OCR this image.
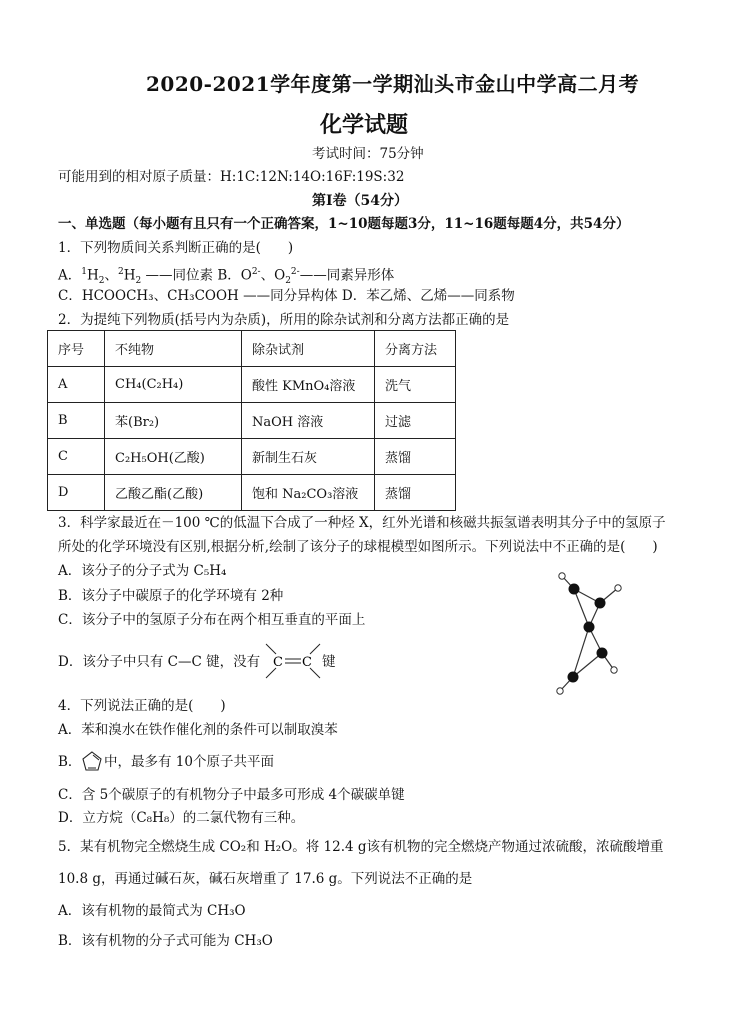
2020-2021学年度第一学期汕头市金山中学高二月考
化学试题
考试时间：75分钟
可能用到的相对原子质量：H:1C:12N:14O:16F:19S:32
第Ⅰ卷（54分）
一、单选题（每小题有且只有一个正确答案，1~10题每题3分，11~16题每题4分，共54分）
1．下列物质间关系判断正确的是(　　)
A．$^1H_2$、$^2H_2$ ——同位素 B．$O^{2-}$、$O_2^{2-}——$同素异形体
C．HCOOCH₃、CH₃COOH ——同分异构体 D．苯乙烯、乙烯——同系物
2．为提纯下列物质(括号内为杂质)，所用的除杂试剂和分离方法都正确的是
序号	不纯物	除杂试剂	分离方法
A	CH₄(C₂H₄)	酸性 KMnO₄溶液	洗气
B	苯(Br₂)	NaOH 溶液	过滤
C	C₂H₅OH(乙酸)	新制生石灰	蒸馏
D	乙酸乙酯(乙酸)	饱和 Na₂CO₃溶液	蒸馏
3．科学家最近在－100 ℃的低温下合成了一种烃 X，红外光谱和核磁共振氢谱表明其分子中的氢原子
所处的化学环境没有区别,根据分析,绘制了该分子的球棍模型如图所示。下列说法中不正确的是(　　)
A．该分子的分子式为 C₅H₄
B．该分子中碳原子的化学环境有 2种
C．该分子中的氢原子分布在两个相互垂直的平面上
D．该分子中只有 C—C 键，没有 C C 键
4．下列说法正确的是(　　)
A．苯和溴水在铁作催化剂的条件可以制取溴苯
B． 中，最多有 10个原子共平面
C．含 5个碳原子的有机物分子中最多可形成 4个碳碳单键
D．立方烷（C₈H₈）的二氯代物有三种。
5．某有机物完全燃烧生成 CO₂和 H₂O。将 12.4 g该有机物的完全燃烧产物通过浓硫酸，浓硫酸增重
10.8 g，再通过碱石灰，碱石灰增重了 17.6 g。下列说法不正确的是
A．该有机物的最简式为 CH₃O
B．该有机物的分子式可能为 CH₃O
